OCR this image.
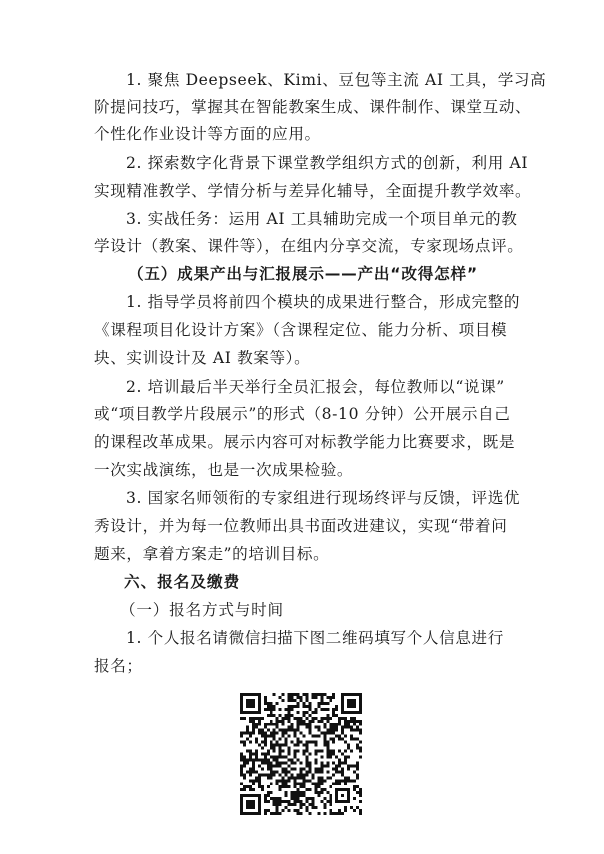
1. 聚焦 Deepseek、Kimi、豆包等主流 AI 工具，学习高
阶提问技巧，掌握其在智能教案生成、课件制作、课堂互动、
个性化作业设计等方面的应用。
2. 探索数字化背景下课堂教学组织方式的创新，利用 AI
实现精准教学、学情分析与差异化辅导，全面提升教学效率。
3. 实战任务：运用 AI 工具辅助完成一个项目单元的教
学设计（教案、课件等），在组内分享交流，专家现场点评。
（五）成果产出与汇报展示——产出“改得怎样”
1. 指导学员将前四个模块的成果进行整合，形成完整的
《课程项目化设计方案》（含课程定位、能力分析、项目模
块、实训设计及 AI 教案等）。
2. 培训最后半天举行全员汇报会，每位教师以“说课”
或“项目教学片段展示”的形式（8-10 分钟）公开展示自己
的课程改革成果。展示内容可对标教学能力比赛要求，既是
一次实战演练，也是一次成果检验。
3. 国家名师领衔的专家组进行现场终评与反馈，评选优
秀设计，并为每一位教师出具书面改进建议，实现“带着问
题来，拿着方案走”的培训目标。
六、报名及缴费
（一）报名方式与时间
1. 个人报名请微信扫描下图二维码填写个人信息进行
报名；
